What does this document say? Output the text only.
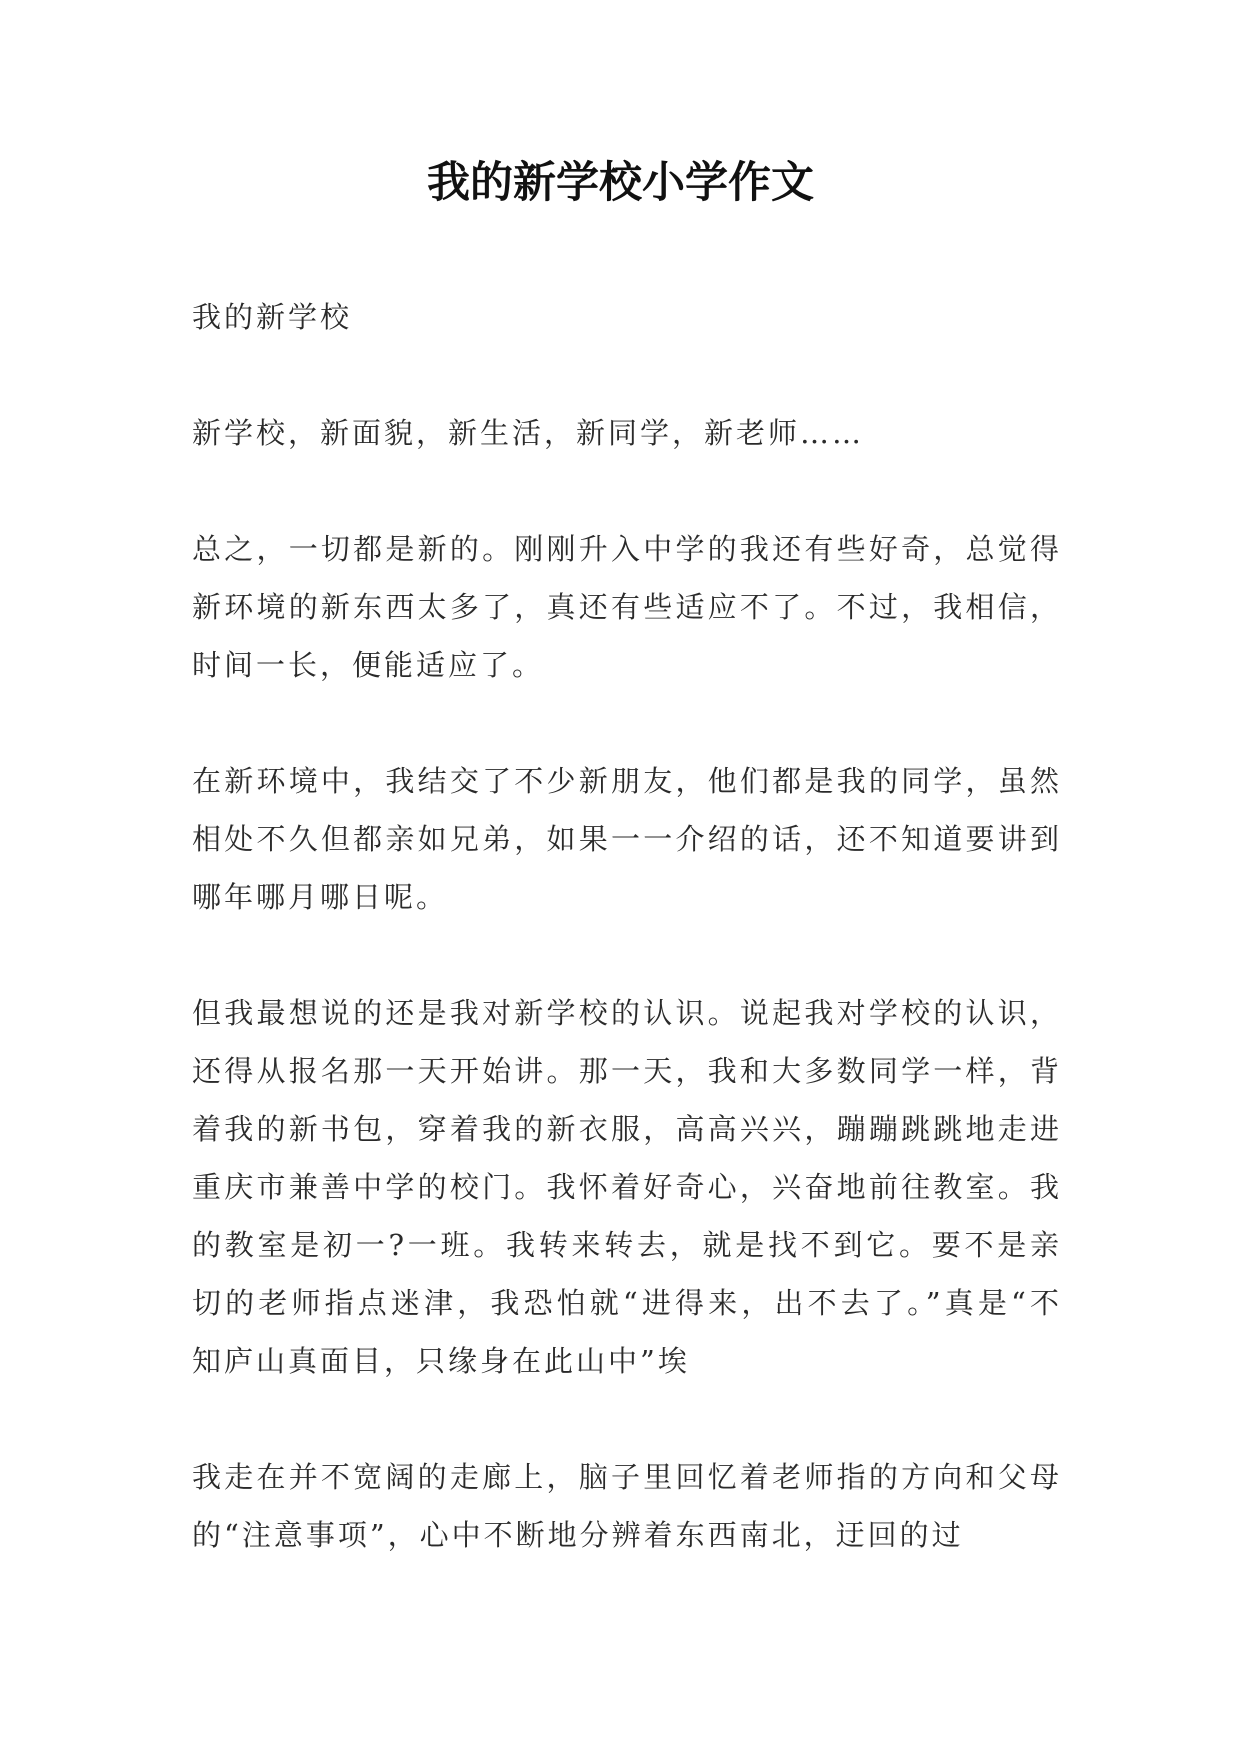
我的新学校小学作文

我的新学校

新学校，新面貌，新生活，新同学，新老师……

总之，一切都是新的。刚刚升入中学的我还有些好奇，总觉得新环境的新东西太多了，真还有些适应不了。不过，我相信，时间一长，便能适应了。

在新环境中，我结交了不少新朋友，他们都是我的同学，虽然相处不久但都亲如兄弟，如果一一介绍的话，还不知道要讲到哪年哪月哪日呢。

但我最想说的还是我对新学校的认识。说起我对学校的认识，还得从报名那一天开始讲。那一天，我和大多数同学一样，背着我的新书包，穿着我的新衣服，高高兴兴，蹦蹦跳跳地走进重庆市兼善中学的校门。我怀着好奇心，兴奋地前往教室。我的教室是初一?一班。我转来转去，就是找不到它。要不是亲切的老师指点迷津，我恐怕就“进得来，出不去了。”真是“不知庐山真面目，只缘身在此山中”埃

我走在并不宽阔的走廊上，脑子里回忆着老师指的方向和父母的“注意事项”，心中不断地分辨着东西南北，迂回的过
